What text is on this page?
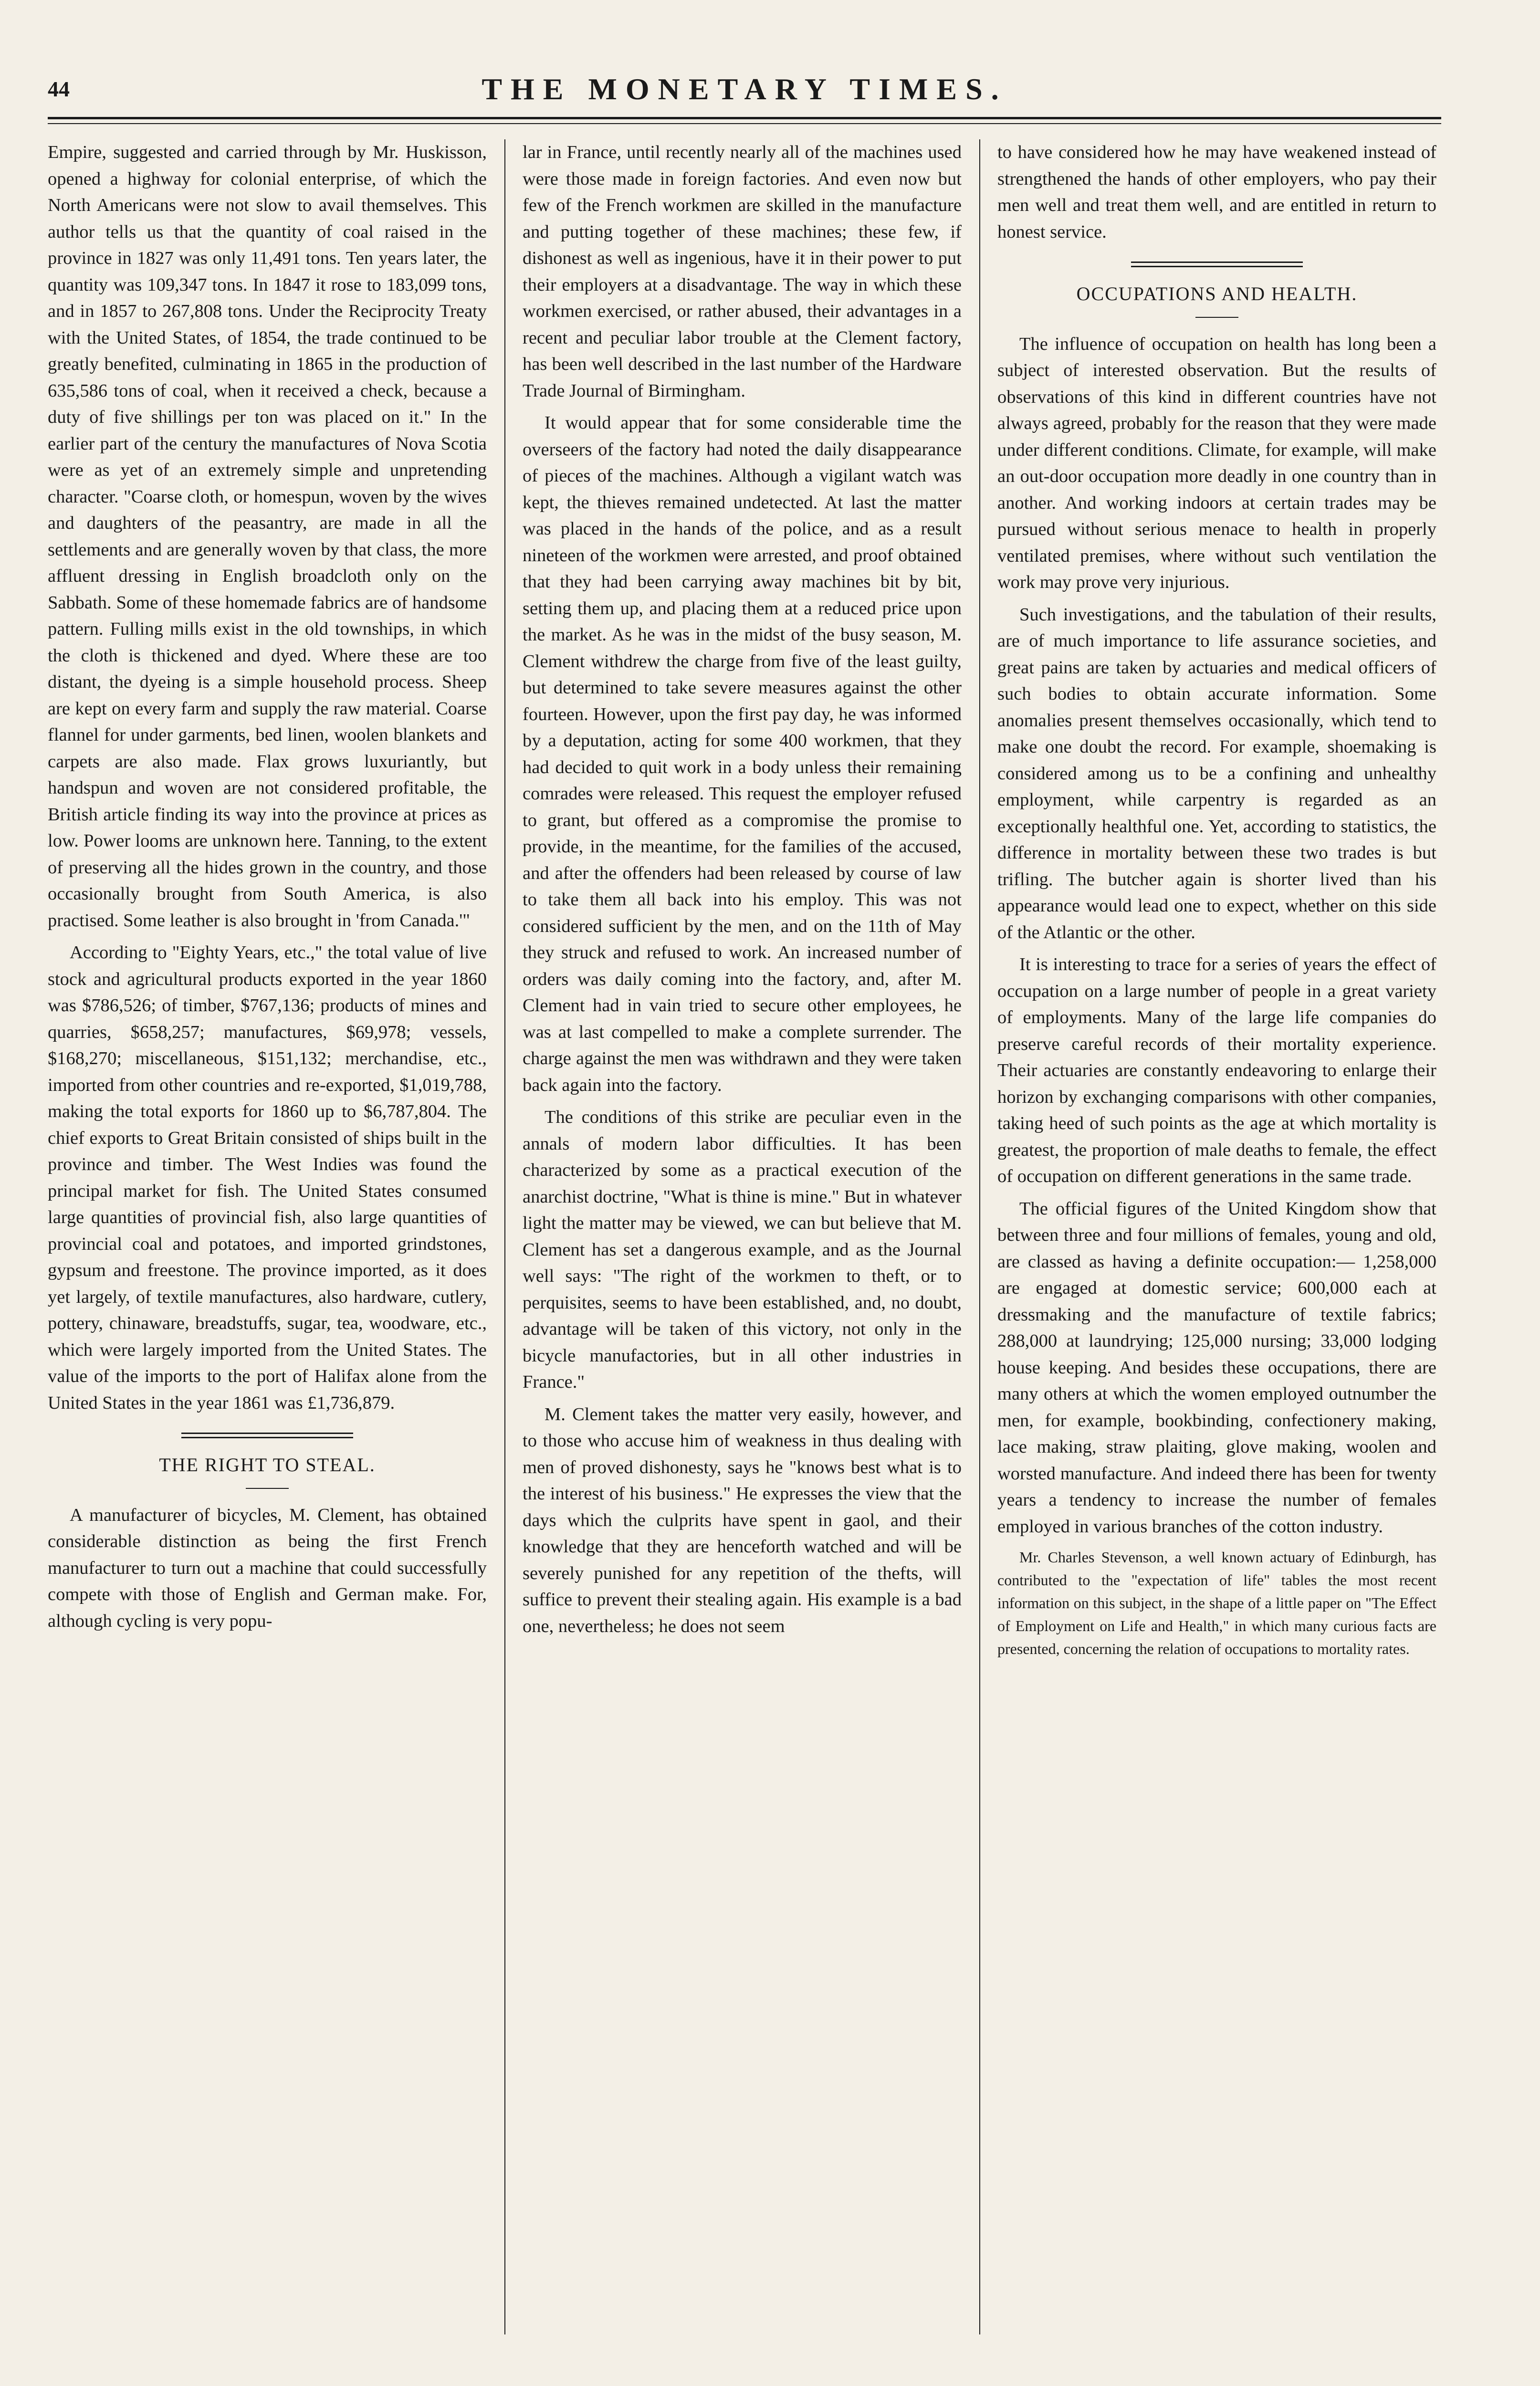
44	THE MONETARY TIMES.

Empire, suggested and carried through by Mr. Huskisson, opened a highway for colonial enterprise, of which the North Americans were not slow to avail themselves. This author tells us that the quantity of coal raised in the province in 1827 was only 11,491 tons. Ten years later, the quantity was 109,347 tons. In 1847 it rose to 183,099 tons, and in 1857 to 267,808 tons. Under the Reciprocity Treaty with the United States, of 1854, the trade continued to be greatly benefited, culminating in 1865 in the production of 635,586 tons of coal, when it received a check, because a duty of five shillings per ton was placed on it." In the earlier part of the century the manufactures of Nova Scotia were as yet of an extremely simple and unpretending character. "Coarse cloth, or homespun, woven by the wives and daughters of the peasantry, are made in all the settlements and are generally woven by that class, the more affluent dressing in English broadcloth only on the Sabbath. Some of these homemade fabrics are of handsome pattern. Fulling mills exist in the old townships, in which the cloth is thickened and dyed. Where these are too distant, the dyeing is a simple household process. Sheep are kept on every farm and supply the raw material. Coarse flannel for under garments, bed linen, woolen blankets and carpets are also made. Flax grows luxuriantly, but handspun and woven are not considered profitable, the British article finding its way into the province at prices as low. Power looms are unknown here. Tanning, to the extent of preserving all the hides grown in the country, and those occasionally brought from South America, is also practised. Some leather is also brought in 'from Canada.'"

According to "Eighty Years, etc.," the total value of live stock and agricultural products exported in the year 1860 was $786,526; of timber, $767,136; products of mines and quarries, $658,257; manufactures, $69,978; vessels, $168,270; miscellaneous, $151,132; merchandise, etc., imported from other countries and re-exported, $1,019,788, making the total exports for 1860 up to $6,787,804. The chief exports to Great Britain consisted of ships built in the province and timber. The West Indies was found the principal market for fish. The United States consumed large quantities of provincial fish, also large quantities of provincial coal and potatoes, and imported grindstones, gypsum and freestone. The province imported, as it does yet largely, of textile manufactures, also hardware, cutlery, pottery, chinaware, breadstuffs, sugar, tea, woodware, etc., which were largely imported from the United States. The value of the imports to the port of Halifax alone from the United States in the year 1861 was £1,736,879.

THE RIGHT TO STEAL.

A manufacturer of bicycles, M. Clement, has obtained considerable distinction as being the first French manufacturer to turn out a machine that could successfully compete with those of English and German make. For, although cycling is very popu-

lar in France, until recently nearly all of the machines used were those made in foreign factories. And even now but few of the French workmen are skilled in the manufacture and putting together of these machines; these few, if dishonest as well as ingenious, have it in their power to put their employers at a disadvantage. The way in which these workmen exercised, or rather abused, their advantages in a recent and peculiar labor trouble at the Clement factory, has been well described in the last number of the Hardware Trade Journal of Birmingham.

It would appear that for some considerable time the overseers of the factory had noted the daily disappearance of pieces of the machines. Although a vigilant watch was kept, the thieves remained undetected. At last the matter was placed in the hands of the police, and as a result nineteen of the workmen were arrested, and proof obtained that they had been carrying away machines bit by bit, setting them up, and placing them at a reduced price upon the market. As he was in the midst of the busy season, M. Clement withdrew the charge from five of the least guilty, but determined to take severe measures against the other fourteen. However, upon the first pay day, he was informed by a deputation, acting for some 400 workmen, that they had decided to quit work in a body unless their remaining comrades were released. This request the employer refused to grant, but offered as a compromise the promise to provide, in the meantime, for the families of the accused, and after the offenders had been released by course of law to take them all back into his employ. This was not considered sufficient by the men, and on the 11th of May they struck and refused to work. An increased number of orders was daily coming into the factory, and, after M. Clement had in vain tried to secure other employees, he was at last compelled to make a complete surrender. The charge against the men was withdrawn and they were taken back again into the factory.

The conditions of this strike are peculiar even in the annals of modern labor difficulties. It has been characterized by some as a practical execution of the anarchist doctrine, "What is thine is mine." But in whatever light the matter may be viewed, we can but believe that M. Clement has set a dangerous example, and as the Journal well says: "The right of the workmen to theft, or to perquisites, seems to have been established, and, no doubt, advantage will be taken of this victory, not only in the bicycle manufactories, but in all other industries in France."

M. Clement takes the matter very easily, however, and to those who accuse him of weakness in thus dealing with men of proved dishonesty, says he "knows best what is to the interest of his business." He expresses the view that the days which the culprits have spent in gaol, and their knowledge that they are henceforth watched and will be severely punished for any repetition of the thefts, will suffice to prevent their stealing again. His example is a bad one, nevertheless; he does not seem

to have considered how he may have weakened instead of strengthened the hands of other employers, who pay their men well and treat them well, and are entitled in return to honest service.

OCCUPATIONS AND HEALTH.

The influence of occupation on health has long been a subject of interested observation. But the results of observations of this kind in different countries have not always agreed, probably for the reason that they were made under different conditions. Climate, for example, will make an out-door occupation more deadly in one country than in another. And working indoors at certain trades may be pursued without serious menace to health in properly ventilated premises, where without such ventilation the work may prove very injurious.

Such investigations, and the tabulation of their results, are of much importance to life assurance societies, and great pains are taken by actuaries and medical officers of such bodies to obtain accurate information. Some anomalies present themselves occasionally, which tend to make one doubt the record. For example, shoemaking is considered among us to be a confining and unhealthy employment, while carpentry is regarded as an exceptionally healthful one. Yet, according to statistics, the difference in mortality between these two trades is but trifling. The butcher again is shorter lived than his appearance would lead one to expect, whether on this side of the Atlantic or the other.

It is interesting to trace for a series of years the effect of occupation on a large number of people in a great variety of employments. Many of the large life companies do preserve careful records of their mortality experience. Their actuaries are constantly endeavoring to enlarge their horizon by exchanging comparisons with other companies, taking heed of such points as the age at which mortality is greatest, the proportion of male deaths to female, the effect of occupation on different generations in the same trade.

The official figures of the United Kingdom show that between three and four millions of females, young and old, are classed as having a definite occupation:— 1,258,000 are engaged at domestic service; 600,000 each at dressmaking and the manufacture of textile fabrics; 288,000 at laundrying; 125,000 nursing; 33,000 lodging house keeping. And besides these occupations, there are many others at which the women employed outnumber the men, for example, bookbinding, confectionery making, lace making, straw plaiting, glove making, woolen and worsted manufacture. And indeed there has been for twenty years a tendency to increase the number of females employed in various branches of the cotton industry.

Mr. Charles Stevenson, a well known actuary of Edinburgh, has contributed to the "expectation of life" tables the most recent information on this subject, in the shape of a little paper on "The Effect of Employment on Life and Health," in which many curious facts are presented, concerning the relation of occupations to mortality rates.
